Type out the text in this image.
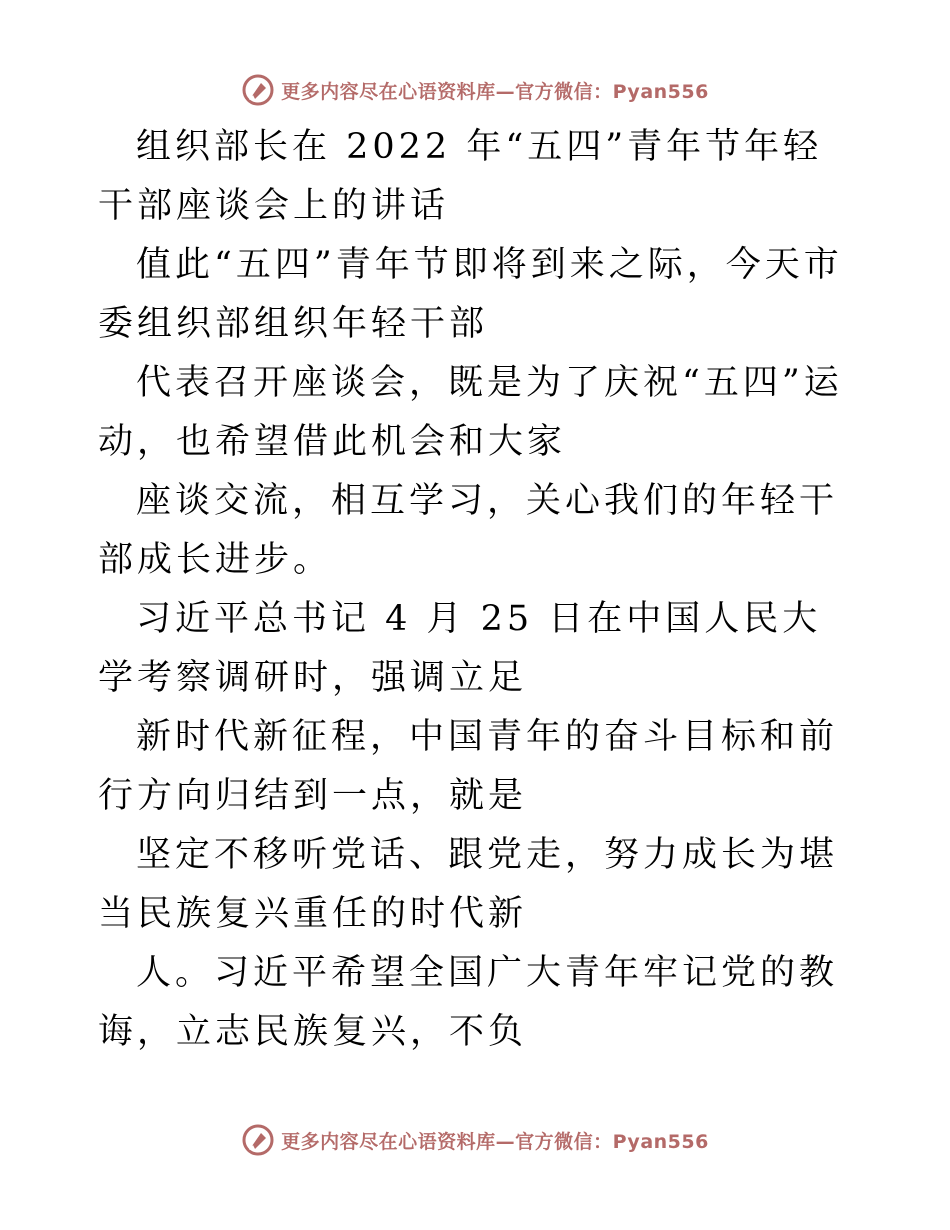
更多内容尽在心语资料库—官方微信：Pyan556

组织部长在 2022 年“五四”青年节年轻干部座谈会上的讲话

值此“五四”青年节即将到来之际，今天市委组织部组织年轻干部

代表召开座谈会，既是为了庆祝“五四”运动，也希望借此机会和大家

座谈交流，相互学习，关心我们的年轻干部成长进步。

习近平总书记 4 月 25 日在中国人民大学考察调研时，强调立足

新时代新征程，中国青年的奋斗目标和前行方向归结到一点，就是

坚定不移听党话、跟党走，努力成长为堪当民族复兴重任的时代新

人。习近平希望全国广大青年牢记党的教诲，立志民族复兴，不负

更多内容尽在心语资料库—官方微信：Pyan556
